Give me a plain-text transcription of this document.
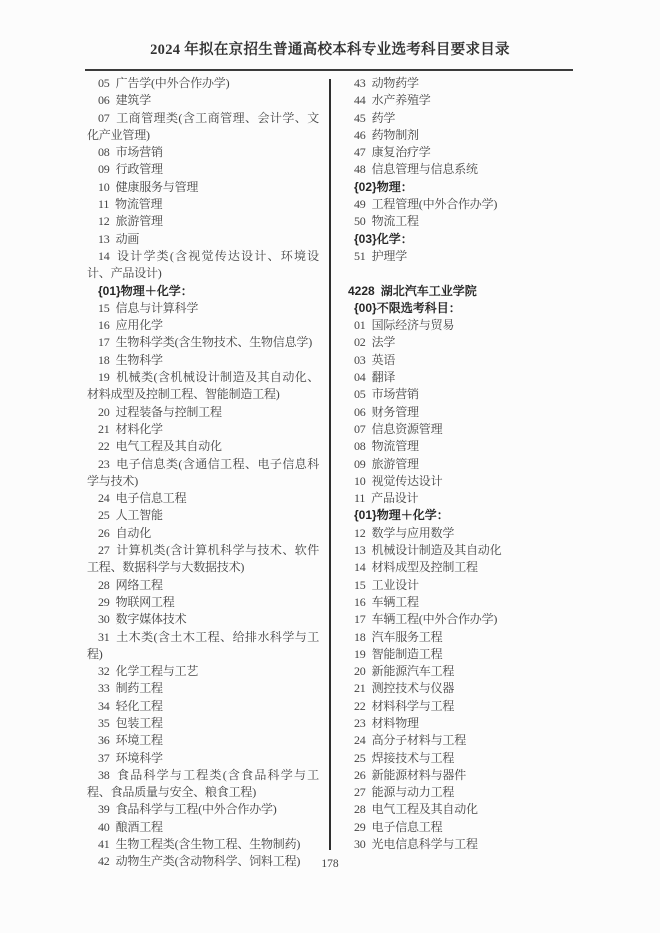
2024 年拟在京招生普通高校本科专业选考科目要求目录

05 广告学(中外合作办学)

06 建筑学

07 工商管理类(含工商管理、会计学、文化产业管理)

08 市场营销

09 行政管理

10 健康服务与管理

11 物流管理

12 旅游管理

13 动画

14 设计学类(含视觉传达设计、环境设计、产品设计)

{01}物理＋化学：

15 信息与计算科学

16 应用化学

17 生物科学类(含生物技术、生物信息学)

18 生物科学

19 机械类(含机械设计制造及其自动化、材料成型及控制工程、智能制造工程)

20 过程装备与控制工程

21 材料化学

22 电气工程及其自动化

23 电子信息类(含通信工程、电子信息科学与技术)

24 电子信息工程

25 人工智能

26 自动化

27 计算机类(含计算机科学与技术、软件工程、数据科学与大数据技术)

28 网络工程

29 物联网工程

30 数字媒体技术

31 土木类(含土木工程、给排水科学与工程)

32 化学工程与工艺

33 制药工程

34 轻化工程

35 包装工程

36 环境工程

37 环境科学

38 食品科学与工程类(含食品科学与工程、食品质量与安全、粮食工程)

39 食品科学与工程(中外合作办学)

40 酿酒工程

41 生物工程类(含生物工程、生物制药)

42 动物生产类(含动物科学、饲料工程)

43 动物药学

44 水产养殖学

45 药学

46 药物制剂

47 康复治疗学

48 信息管理与信息系统

{02}物理：

49 工程管理(中外合作办学)

50 物流工程

{03}化学：

51 护理学

4228 湖北汽车工业学院

{00}不限选考科目：

01 国际经济与贸易

02 法学

03 英语

04 翻译

05 市场营销

06 财务管理

07 信息资源管理

08 物流管理

09 旅游管理

10 视觉传达设计

11 产品设计

{01}物理＋化学：

12 数学与应用数学

13 机械设计制造及其自动化

14 材料成型及控制工程

15 工业设计

16 车辆工程

17 车辆工程(中外合作办学)

18 汽车服务工程

19 智能制造工程

20 新能源汽车工程

21 测控技术与仪器

22 材料科学与工程

23 材料物理

24 高分子材料与工程

25 焊接技术与工程

26 新能源材料与器件

27 能源与动力工程

28 电气工程及其自动化

29 电子信息工程

30 光电信息科学与工程

178
